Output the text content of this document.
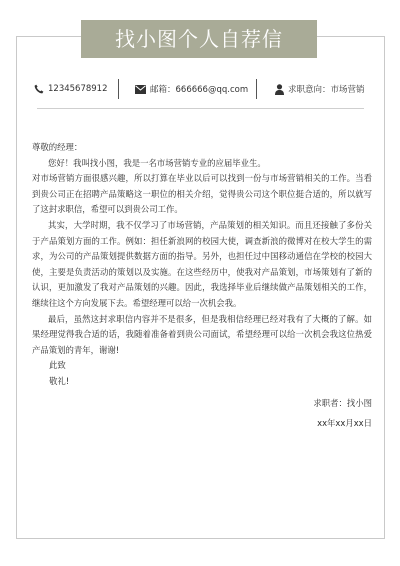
找小图个人自荐信
12345678912	邮箱：666666@qq.com	求职意向：市场营销

尊敬的经理：

您好！我叫找小图，我是一名市场营销专业的应届毕业生。

对市场营销方面很感兴趣，所以打算在毕业以后可以找到一份与市场营销相关的工作。当看到贵公司正在招聘产品策略这一职位的相关介绍，觉得贵公司这个职位挺合适的，所以就写了这封求职信，希望可以到贵公司工作。

其实，大学时期，我不仅学习了市场营销，产品策划的相关知识。而且还接触了多份关于产品策划方面的工作。例如：担任新浪网的校园大使，调查新浪的微博对在校大学生的需求，为公司的产品策划提供数据方面的指导。另外，也担任过中国移动通信在学校的校园大使，主要是负责活动的策划以及实施。在这些经历中，使我对产品策划，市场策划有了新的认识，更加激发了我对产品策划的兴趣。因此，我选择毕业后继续做产品策划相关的工作，继续往这个方向发展下去。希望经理可以给一次机会我。

最后，虽然这封求职信内容并不是很多，但是我相信经理已经对我有了大概的了解。如果经理觉得我合适的话，我随着准备着到贵公司面试，希望经理可以给一次机会我这位热爱产品策划的青年，谢谢!

此致

敬礼!

求职者：找小图

xx年xx月xx日
